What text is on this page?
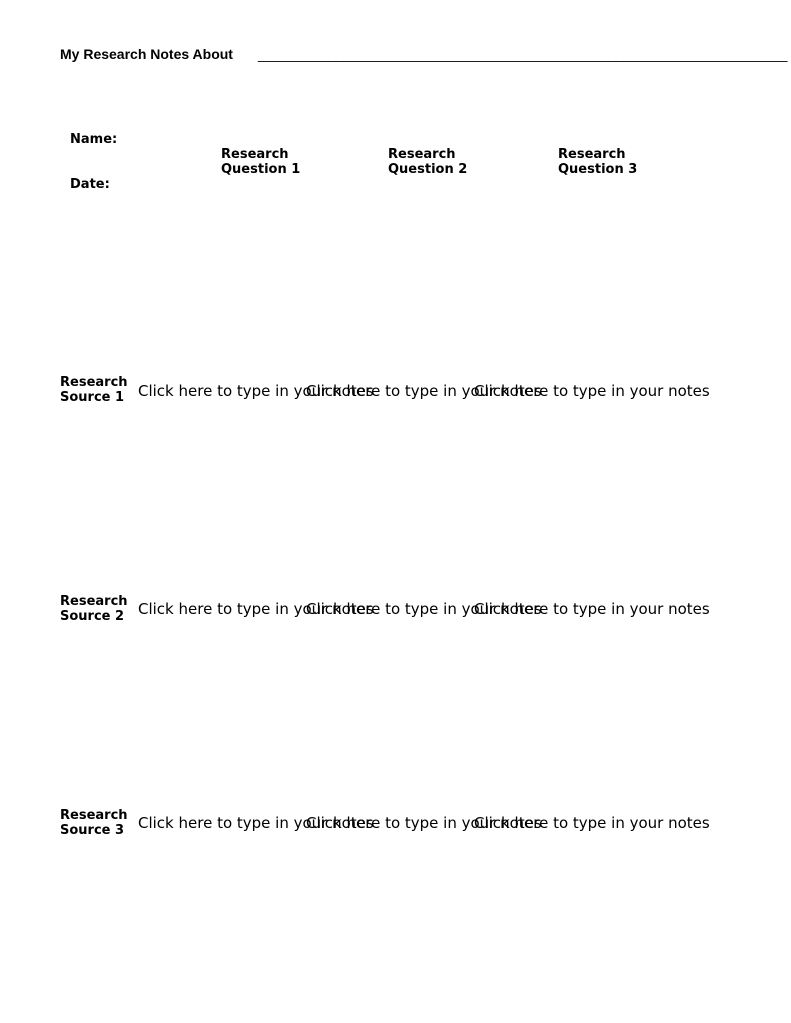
My Research Notes About ____________________________________________________________________
Name:
Date:
Research
Question 1
Research
Question 2
Research
Question 3
Research
Source 1 Click here to type in your notes
Click here to type in your notes
Click here to type in your notes
Research
Source 2 Click here to type in your notes
Click here to type in your notes
Click here to type in your notes
Research
Source 3 Click here to type in your notes
Click here to type in your notes
Click here to type in your notes
